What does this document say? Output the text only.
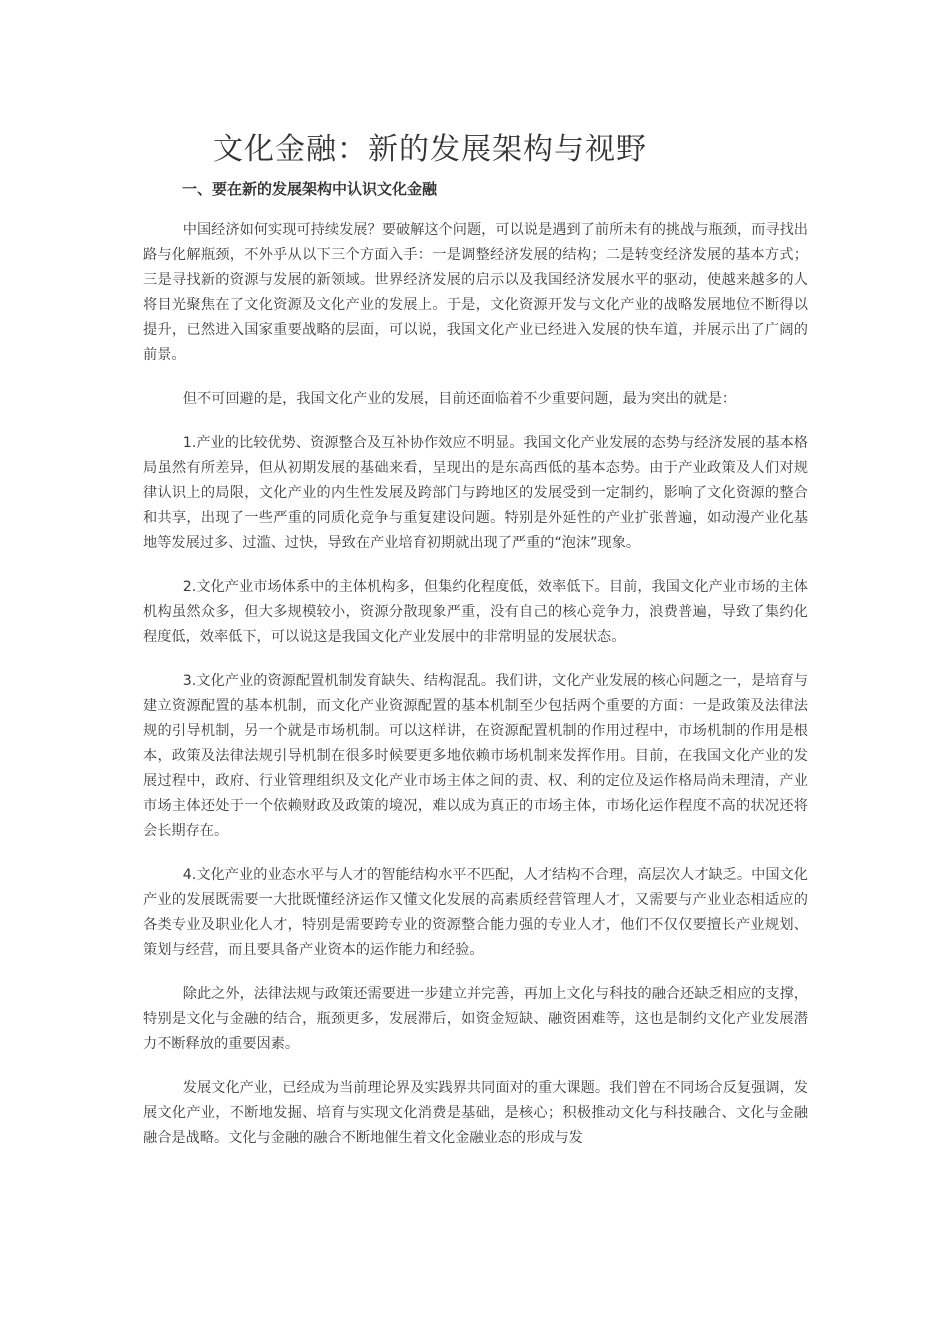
文化金融：新的发展架构与视野
一、要在新的发展架构中认识文化金融

中国经济如何实现可持续发展？要破解这个问题，可以说是遇到了前所未有的挑战与瓶颈，而寻找出路与化解瓶颈，不外乎从以下三个方面入手：一是调整经济发展的结构；二是转变经济发展的基本方式；三是寻找新的资源与发展的新领域。世界经济发展的启示以及我国经济发展水平的驱动，使越来越多的人将目光聚焦在了文化资源及文化产业的发展上。于是，文化资源开发与文化产业的战略发展地位不断得以提升，已然进入国家重要战略的层面，可以说，我国文化产业已经进入发展的快车道，并展示出了广阔的前景。

但不可回避的是，我国文化产业的发展，目前还面临着不少重要问题，最为突出的就是：

1.产业的比较优势、资源整合及互补协作效应不明显。我国文化产业发展的态势与经济发展的基本格局虽然有所差异，但从初期发展的基础来看，呈现出的是东高西低的基本态势。由于产业政策及人们对规律认识上的局限，文化产业的内生性发展及跨部门与跨地区的发展受到一定制约，影响了文化资源的整合和共享，出现了一些严重的同质化竞争与重复建设问题。特别是外延性的产业扩张普遍，如动漫产业化基地等发展过多、过滥、过快，导致在产业培育初期就出现了严重的“泡沫”现象。

2.文化产业市场体系中的主体机构多，但集约化程度低，效率低下。目前，我国文化产业市场的主体机构虽然众多，但大多规模较小，资源分散现象严重，没有自己的核心竞争力，浪费普遍，导致了集约化程度低，效率低下，可以说这是我国文化产业发展中的非常明显的发展状态。

3.文化产业的资源配置机制发育缺失、结构混乱。我们讲，文化产业发展的核心问题之一，是培育与建立资源配置的基本机制，而文化产业资源配置的基本机制至少包括两个重要的方面：一是政策及法律法规的引导机制，另一个就是市场机制。可以这样讲，在资源配置机制的作用过程中，市场机制的作用是根本，政策及法律法规引导机制在很多时候要更多地依赖市场机制来发挥作用。目前，在我国文化产业的发展过程中，政府、行业管理组织及文化产业市场主体之间的责、权、利的定位及运作格局尚未理清，产业市场主体还处于一个依赖财政及政策的境况，难以成为真正的市场主体，市场化运作程度不高的状况还将会长期存在。

4.文化产业的业态水平与人才的智能结构水平不匹配，人才结构不合理，高层次人才缺乏。中国文化产业的发展既需要一大批既懂经济运作又懂文化发展的高素质经营管理人才，又需要与产业业态相适应的各类专业及职业化人才，特别是需要跨专业的资源整合能力强的专业人才，他们不仅仅要擅长产业规划、策划与经营，而且要具备产业资本的运作能力和经验。

除此之外，法律法规与政策还需要进一步建立并完善，再加上文化与科技的融合还缺乏相应的支撑，特别是文化与金融的结合，瓶颈更多，发展滞后，如资金短缺、融资困难等，这也是制约文化产业发展潜力不断释放的重要因素。

发展文化产业，已经成为当前理论界及实践界共同面对的重大课题。我们曾在不同场合反复强调，发展文化产业，不断地发掘、培育与实现文化消费是基础，是核心；积极推动文化与科技融合、文化与金融融合是战略。文化与金融的融合不断地催生着文化金融业态的形成与发
